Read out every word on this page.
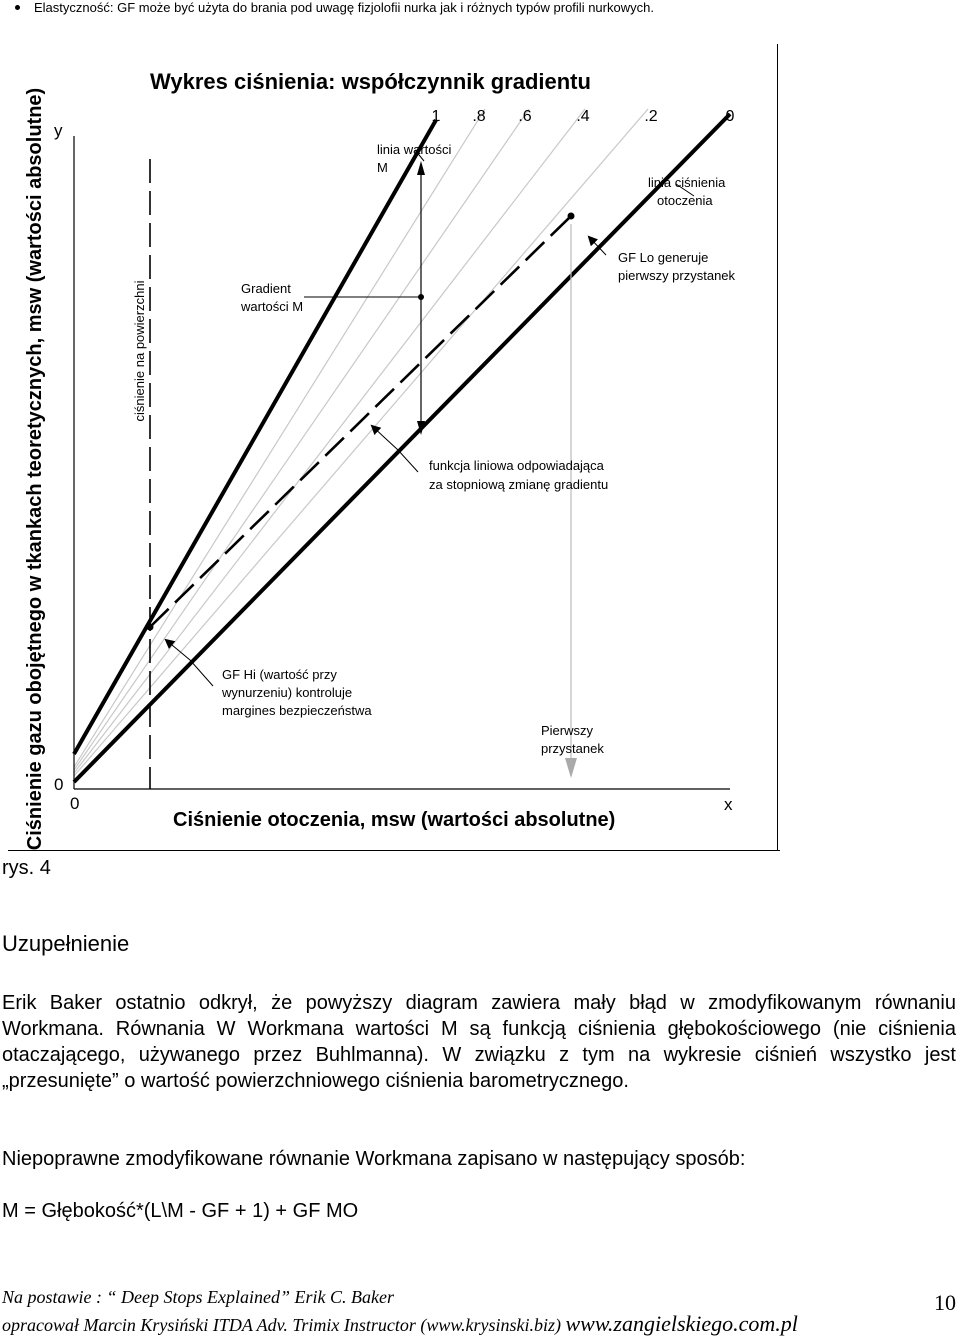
Elastyczność: GF może być użyta do brania pod uwagę fizjolofii nurka jak i różnych typów profili nurkowych.
Wykres ciśnienia: współczynnik gradientu
1 .8 .6	.4	.2	0
y
0
0	x
Ciśnienie otoczenia, msw (wartości absolutne)
Ciśnienie gazu obojętnego w tkankach teoretycznych, msw (wartości absolutne)	ciśnienie na powierzchni
linia wartości
M
linia ciśnienia
otoczenia
Gradient
wartości M
GF Lo generuje
pierwszy przystanek
funkcja liniowa odpowiadająca
za stopniową zmianę gradientu
GF Hi (wartość przy
wynurzeniu) kontroluje
margines bezpieczeństwa
Pierwszy
przystanek
rys. 4
Uzupełnienie
Erik Baker ostatnio odkrył, że powyższy diagram zawiera mały błąd w zmodyfikowanym równaniu Workmana. Równania W Workmana wartości M są funkcją ciśnienia głębokościowego (nie ciśnienia otaczającego, używanego przez Buhlmanna). W związku z tym na wykresie ciśnień wszystko jest „przesunięte” o wartość powierzchniowego ciśnienia barometrycznego.
Niepoprawne zmodyfikowane równanie Workmana zapisano w następujący sposób:
M = Głębokość*(L\M - GF + 1) + GF MO
Na postawie : “ Deep Stops Explained” Erik C. Baker
opracował Marcin Krysiński ITDA Adv. Trimix Instructor (www.krysinski.biz) www.zangielskiego.com.pl
10
